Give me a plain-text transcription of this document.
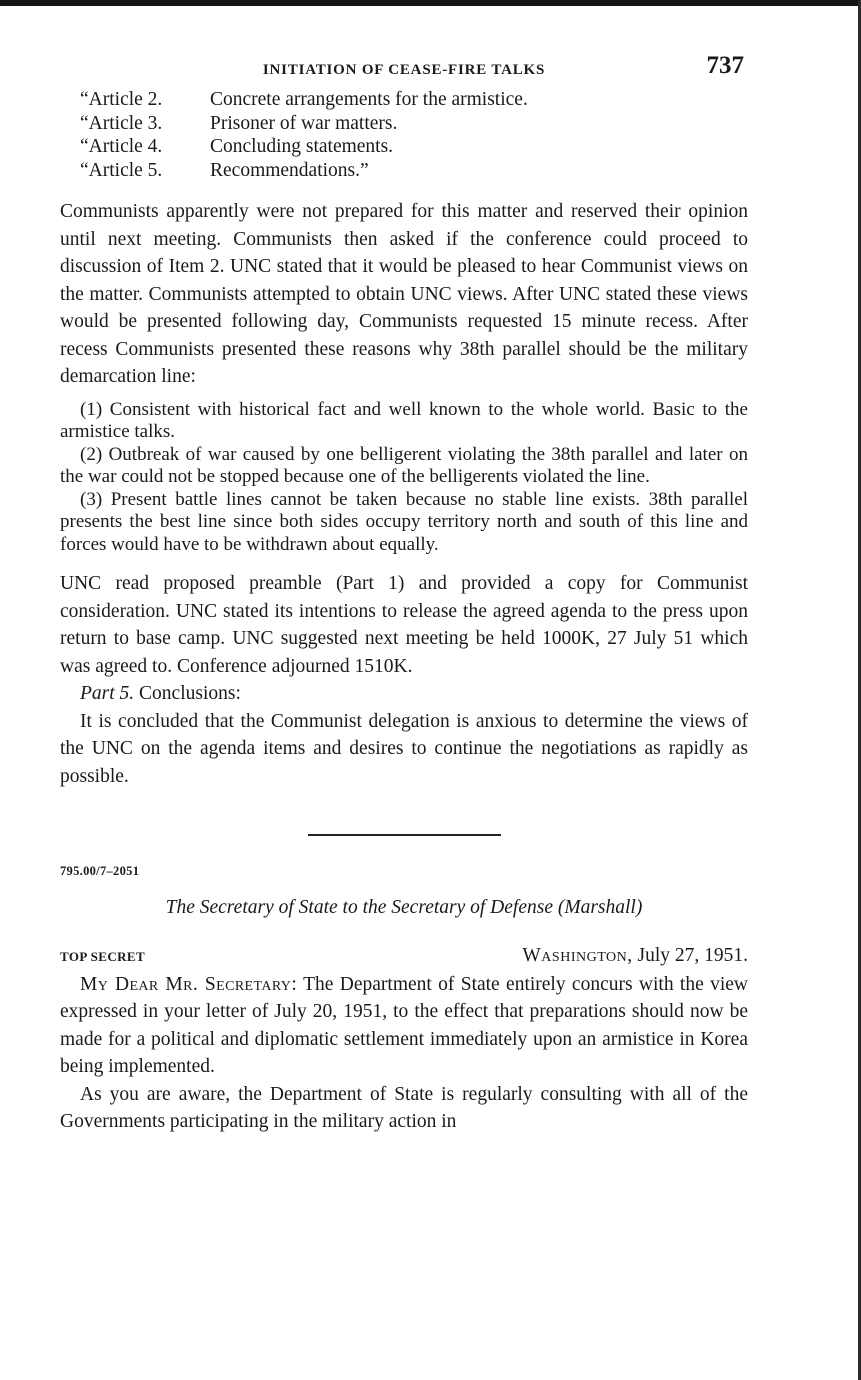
INITIATION OF CEASE-FIRE TALKS	737
“Article 2.	Concrete arrangements for the armistice.
“Article 3.	Prisoner of war matters.
“Article 4.	Concluding statements.
“Article 5.	Recommendations.”

Communists apparently were not prepared for this matter and reserved their opinion until next meeting. Communists then asked if the conference could proceed to discussion of Item 2. UNC stated that it would be pleased to hear Communist views on the matter. Communists attempted to obtain UNC views. After UNC stated these views would be presented following day, Communists requested 15 minute recess. After recess Communists presented these reasons why 38th parallel should be the military demarcation line:

(1) Consistent with historical fact and well known to the whole world. Basic to the armistice talks.

(2) Outbreak of war caused by one belligerent violating the 38th parallel and later on the war could not be stopped because one of the belligerents violated the line.

(3) Present battle lines cannot be taken because no stable line exists. 38th parallel presents the best line since both sides occupy territory north and south of this line and forces would have to be withdrawn about equally.

UNC read proposed preamble (Part 1) and provided a copy for Communist consideration. UNC stated its intentions to release the agreed agenda to the press upon return to base camp. UNC suggested next meeting be held 1000K, 27 July 51 which was agreed to. Conference adjourned 1510K.

Part 5. Conclusions:

It is concluded that the Communist delegation is anxious to determine the views of the UNC on the agenda items and desires to continue the negotiations as rapidly as possible.

795.00/7–2051
The Secretary of State to the Secretary of Defense (Marshall)
TOP SECRET	Washington, July 27, 1951.

My Dear Mr. Secretary: The Department of State entirely concurs with the view expressed in your letter of July 20, 1951, to the effect that preparations should now be made for a political and diplomatic settlement immediately upon an armistice in Korea being implemented.

As you are aware, the Department of State is regularly consulting with all of the Governments participating in the military action in
